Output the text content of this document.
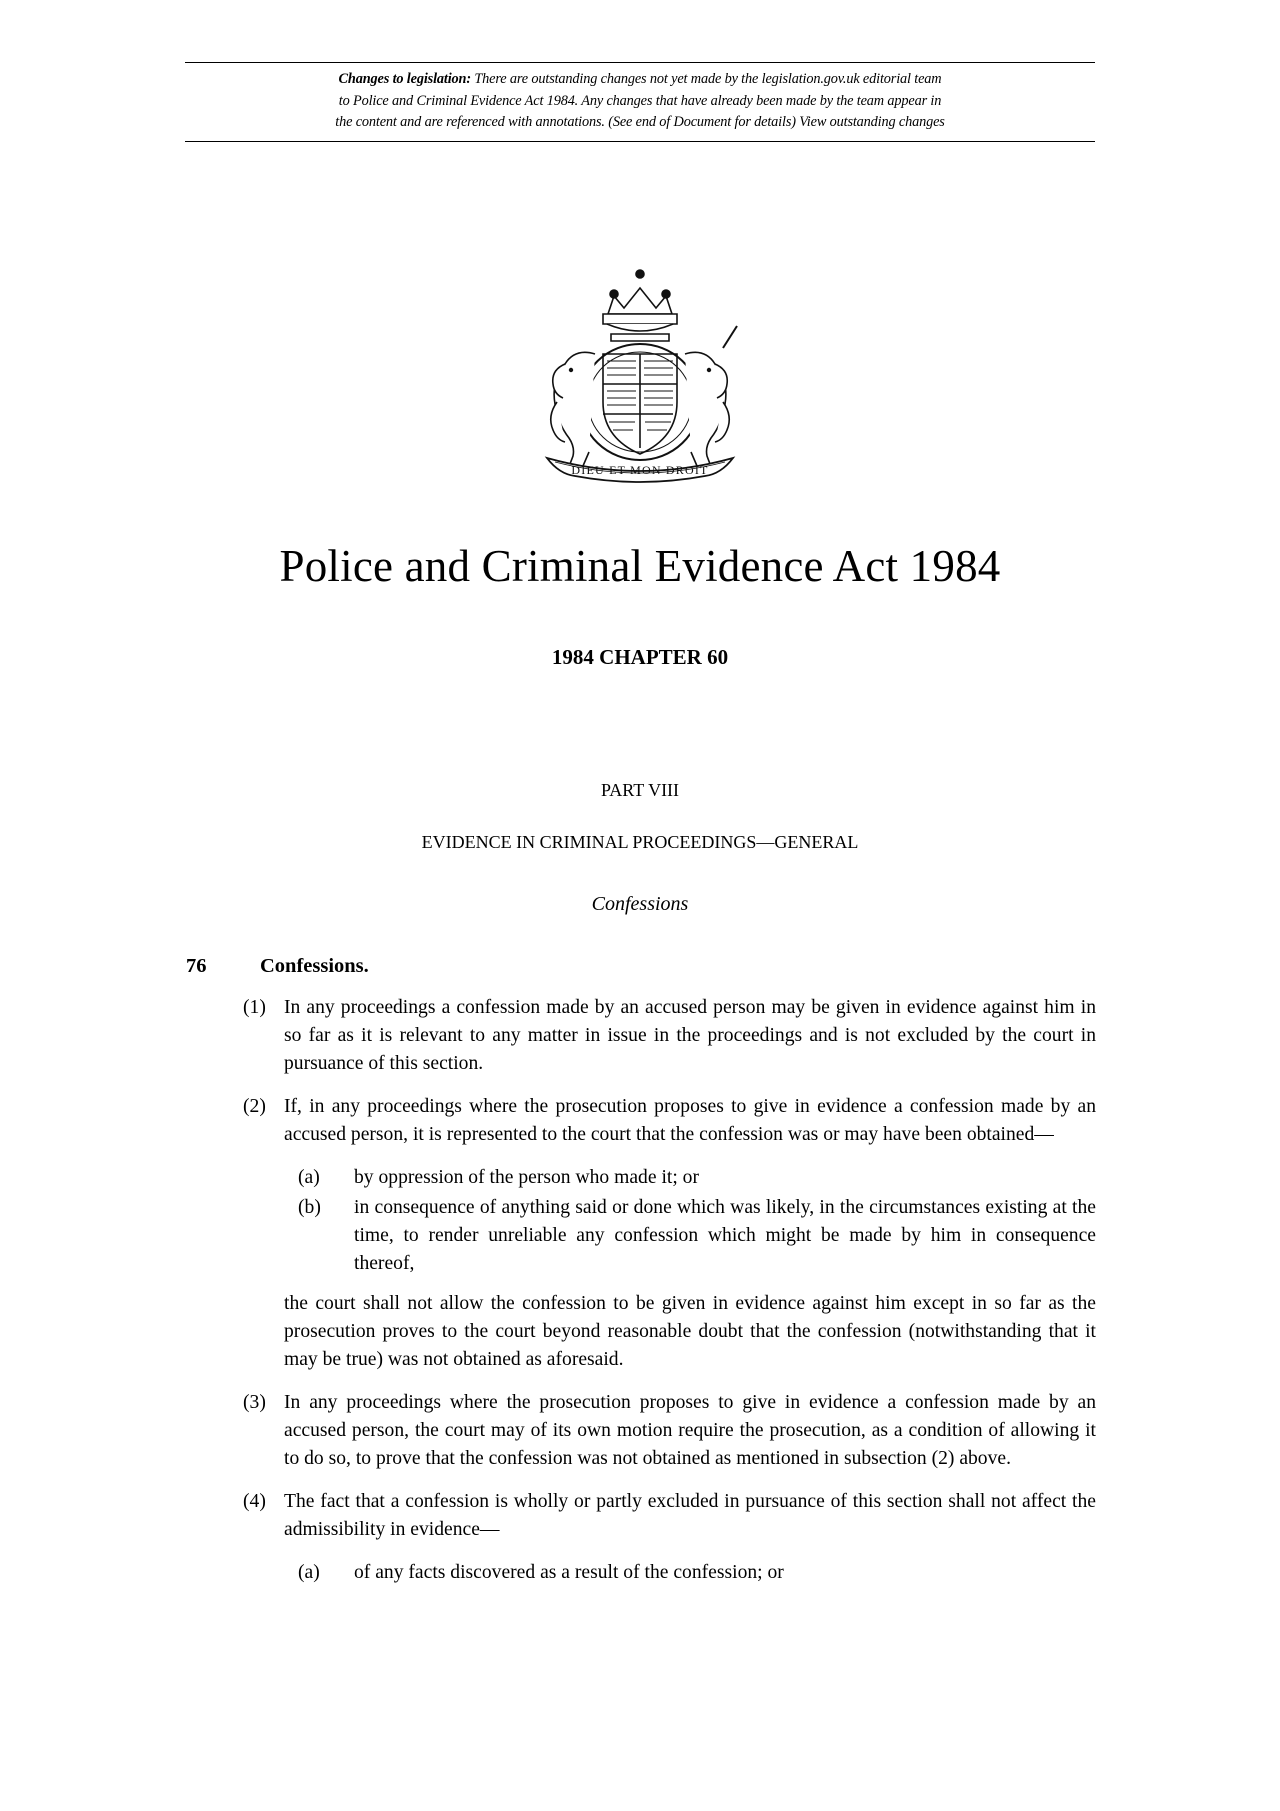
Changes to legislation: There are outstanding changes not yet made by the legislation.gov.uk editorial team

to Police and Criminal Evidence Act 1984. Any changes that have already been made by the team appear in

the content and are referenced with annotations. (See end of Document for details) View outstanding changes

DIEU ET MON DROIT
Police and Criminal Evidence Act 1984
1984 CHAPTER 60
PART VIII
EVIDENCE IN CRIMINAL PROCEEDINGS—GENERAL
Confessions
76	Confessions.
(1) In any proceedings a confession made by an accused person may be given in evidence against him in so far as it is relevant to any matter in issue in the proceedings and is not excluded by the court in pursuance of this section.
(2) If, in any proceedings where the prosecution proposes to give in evidence a confession made by an accused person, it is represented to the court that the confession was or may have been obtained—
(a)	by oppression of the person who made it; or
(b)	in consequence of anything said or done which was likely, in the circumstances existing at the time, to render unreliable any confession which might be made by him in consequence thereof,
the court shall not allow the confession to be given in evidence against him except in so far as the prosecution proves to the court beyond reasonable doubt that the confession (notwithstanding that it may be true) was not obtained as aforesaid.
(3) In any proceedings where the prosecution proposes to give in evidence a confession made by an accused person, the court may of its own motion require the prosecution, as a condition of allowing it to do so, to prove that the confession was not obtained as mentioned in subsection (2) above.
(4) The fact that a confession is wholly or partly excluded in pursuance of this section shall not affect the admissibility in evidence—
(a)	of any facts discovered as a result of the confession; or
